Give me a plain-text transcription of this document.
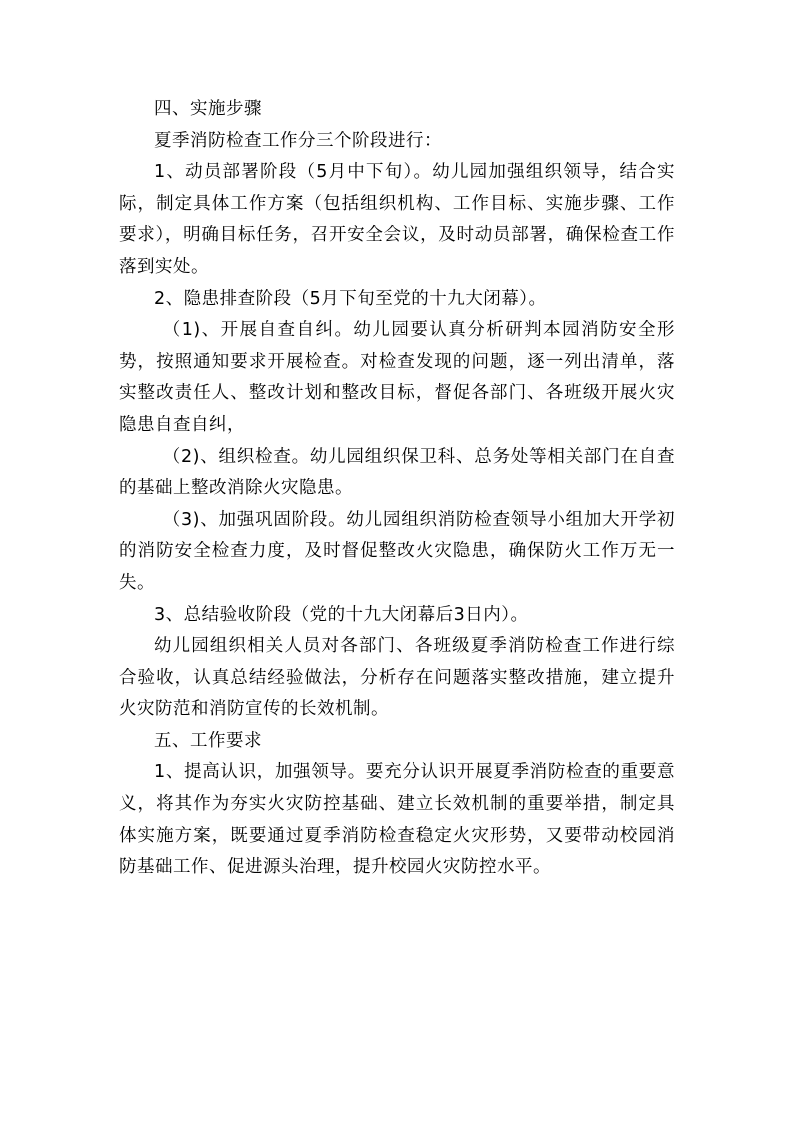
四、实施步骤

夏季消防检查工作分三个阶段进行：

1、动员部署阶段（5月中下旬）。幼儿园加强组织领导，结合实际，制定具体工作方案（包括组织机构、工作目标、实施步骤、工作要求），明确目标任务，召开安全会议，及时动员部署，确保检查工作落到实处。

2、隐患排查阶段（5月下旬至党的十九大闭幕）。

（1)、开展自查自纠。幼儿园要认真分析研判本园消防安全形势，按照通知要求开展检查。对检查发现的问题，逐一列出清单，落实整改责任人、整改计划和整改目标，督促各部门、各班级开展火灾隐患自查自纠，

（2)、组织检查。幼儿园组织保卫科、总务处等相关部门在自查的基础上整改消除火灾隐患。

（3)、加强巩固阶段。幼儿园组织消防检查领导小组加大开学初的消防安全检查力度，及时督促整改火灾隐患，确保防火工作万无一失。

3、总结验收阶段（党的十九大闭幕后3日内）。

幼儿园组织相关人员对各部门、各班级夏季消防检查工作进行综合验收，认真总结经验做法，分析存在问题落实整改措施，建立提升火灾防范和消防宣传的长效机制。

五、工作要求

1、提高认识，加强领导。要充分认识开展夏季消防检查的重要意义，将其作为夯实火灾防控基础、建立长效机制的重要举措，制定具体实施方案，既要通过夏季消防检查稳定火灾形势，又要带动校园消防基础工作、促进源头治理，提升校园火灾防控水平。
